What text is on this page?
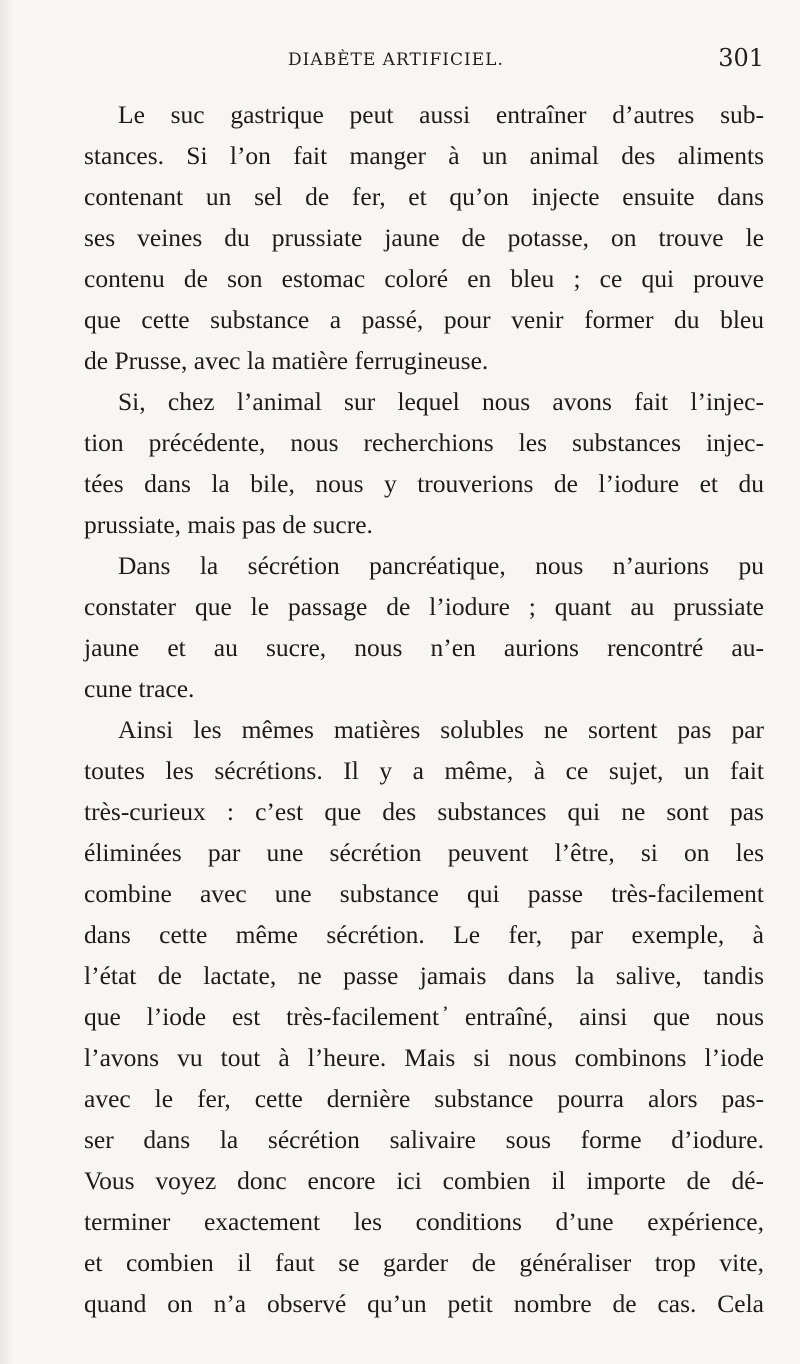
DIABÈTE ARTIFICIEL.	301
Le suc gastrique peut aussi entraîner d’autres sub-
stances. Si l’on fait manger à un animal des aliments
contenant un sel de fer, et qu’on injecte ensuite dans
ses veines du prussiate jaune de potasse, on trouve le
contenu de son estomac coloré en bleu ; ce qui prouve
que cette substance a passé, pour venir former du bleu
de Prusse, avec la matière ferrugineuse.
Si, chez l’animal sur lequel nous avons fait l’injec-
tion précédente, nous recherchions les substances injec-
tées dans la bile, nous y trouverions de l’iodure et du
prussiate, mais pas de sucre.
Dans la sécrétion pancréatique, nous n’aurions pu
constater que le passage de l’iodure ; quant au prussiate
jaune et au sucre, nous n’en aurions rencontré au-
cune trace.
Ainsi les mêmes matières solubles ne sortent pas par
toutes les sécrétions. Il y a même, à ce sujet, un fait
très-curieux : c’est que des substances qui ne sont pas
éliminées par une sécrétion peuvent l’être, si on les
combine avec une substance qui passe très-facilement
dans cette même sécrétion. Le fer, par exemple, à
l’état de lactate, ne passe jamais dans la salive, tandis
que l’iode est très-facilement ̓entraîné, ainsi que nous
l’avons vu tout à l’heure. Mais si nous combinons l’iode
avec le fer, cette dernière substance pourra alors pas-
ser dans la sécrétion salivaire sous forme d’iodure.
Vous voyez donc encore ici combien il importe de dé-
terminer exactement les conditions d’une expérience,
et combien il faut se garder de généraliser trop vite,
quand on n’a observé qu’un petit nombre de cas. Cela
